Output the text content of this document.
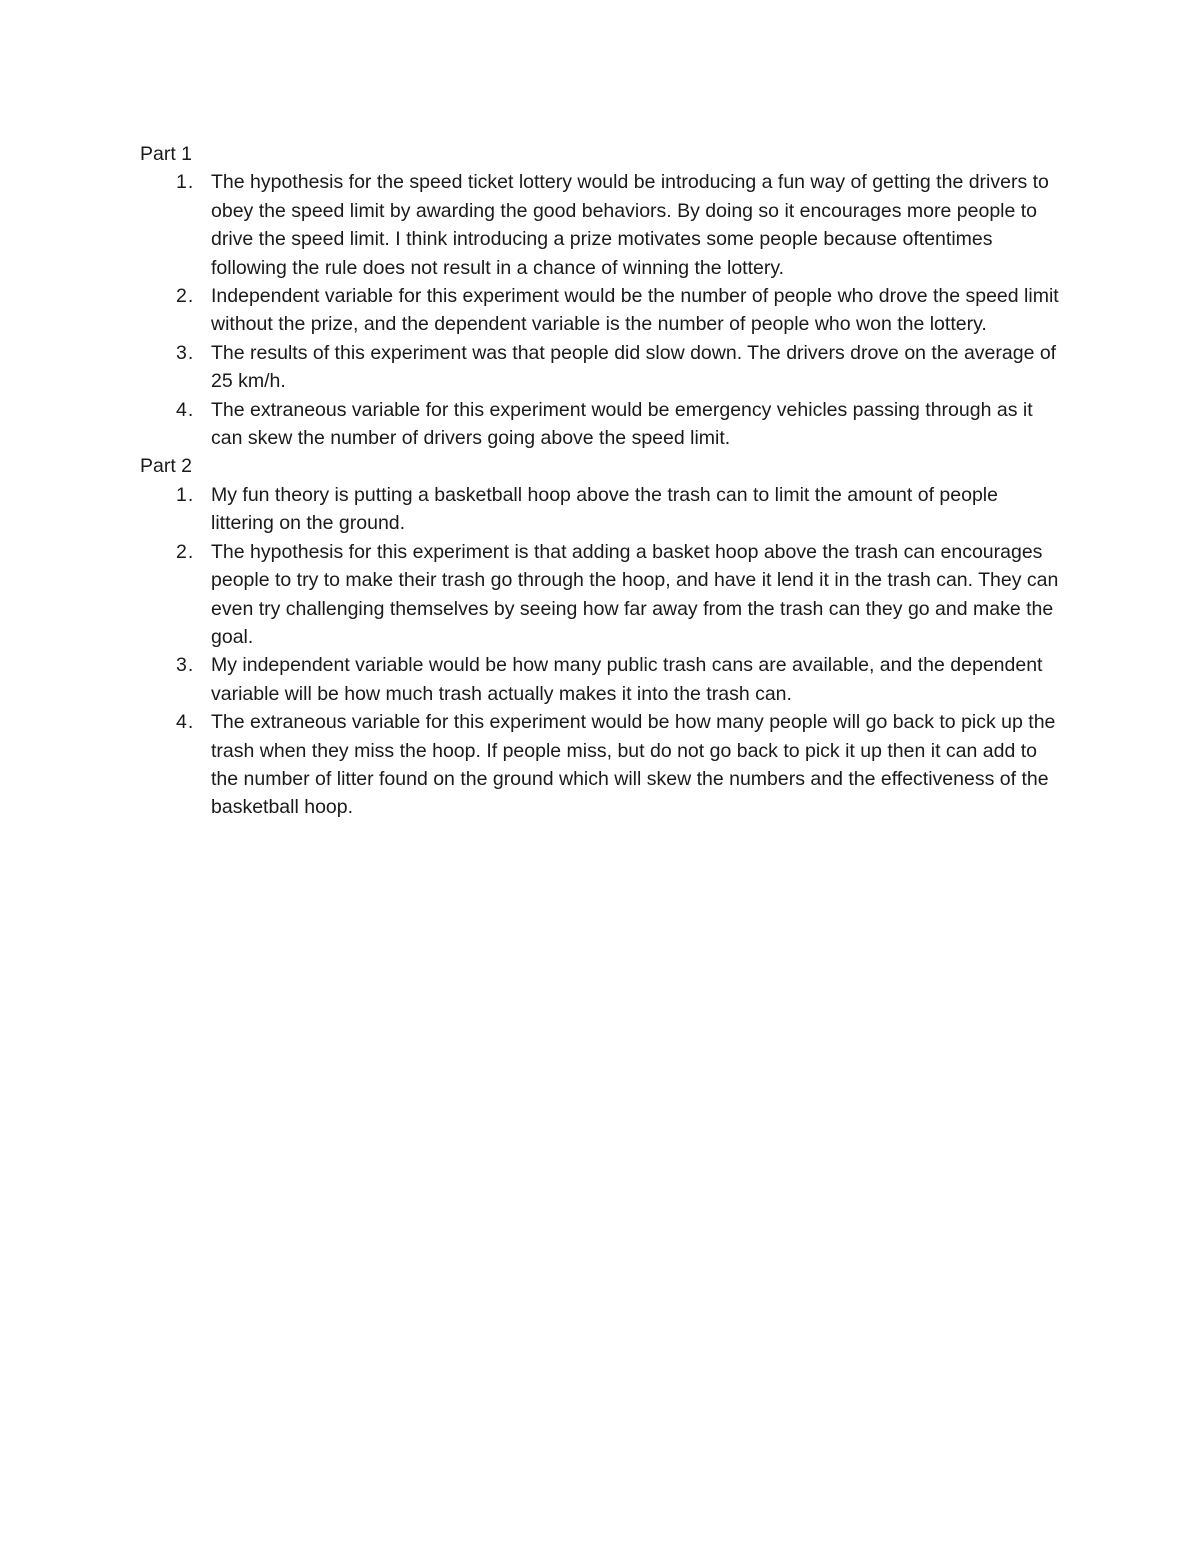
Part 1

1. The hypothesis for the speed ticket lottery would be introducing a fun way of getting the drivers to obey the speed limit by awarding the good behaviors. By doing so it encourages more people to drive the speed limit. I think introducing a prize motivates some people because oftentimes following the rule does not result in a chance of winning the lottery.
2. Independent variable for this experiment would be the number of people who drove the speed limit without the prize, and the dependent variable is the number of people who won the lottery.
3. The results of this experiment was that people did slow down. The drivers drove on the average of 25 km/h.
4. The extraneous variable for this experiment would be emergency vehicles passing through as it can skew the number of drivers going above the speed limit.

Part 2

1. My fun theory is putting a basketball hoop above the trash can to limit the amount of people littering on the ground.
2. The hypothesis for this experiment is that adding a basket hoop above the trash can encourages people to try to make their trash go through the hoop, and have it lend it in the trash can. They can even try challenging themselves by seeing how far away from the trash can they go and make the goal.
3. My independent variable would be how many public trash cans are available, and the dependent variable will be how much trash actually makes it into the trash can.
4. The extraneous variable for this experiment would be how many people will go back to pick up the trash when they miss the hoop. If people miss, but do not go back to pick it up then it can add to the number of litter found on the ground which will skew the numbers and the effectiveness of the basketball hoop.
